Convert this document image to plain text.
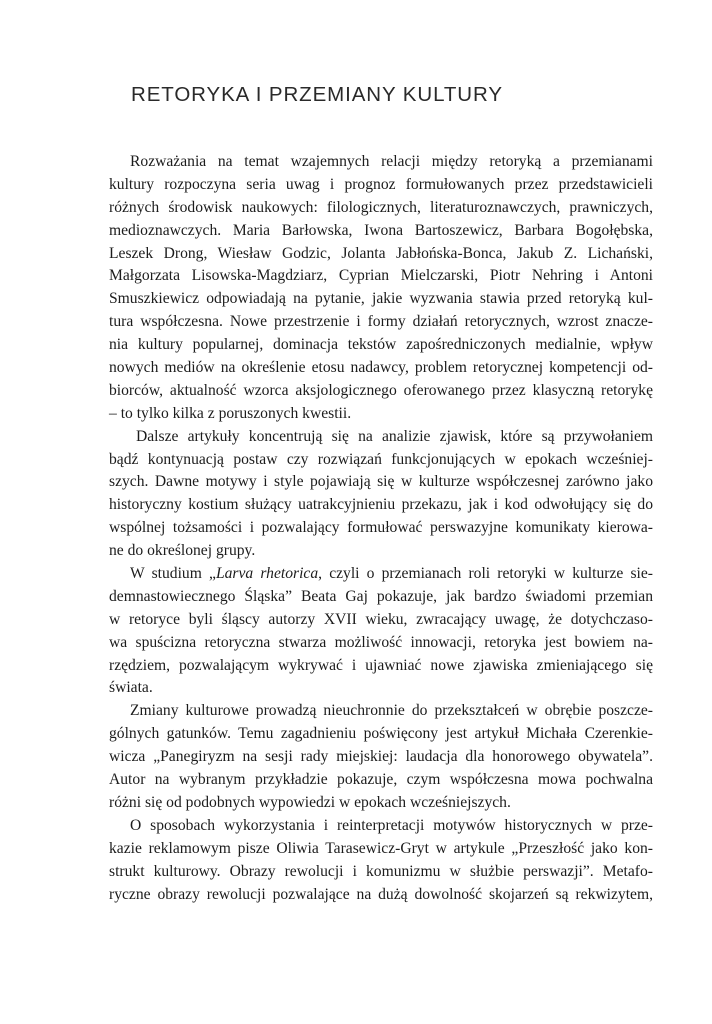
RETORYKA I PRZEMIANY KULTURY
Rozważania na temat wzajemnych relacji między retoryką a przemianami
kultury rozpoczyna seria uwag i prognoz formułowanych przez przedstawicieli
różnych środowisk naukowych: filologicznych, literaturoznawczych, prawniczych,
medioznawczych. Maria Barłowska, Iwona Bartoszewicz, Barbara Bogołębska,
Leszek Drong, Wiesław Godzic, Jolanta Jabłońska-Bonca, Jakub Z. Lichański,
Małgorzata Lisowska-Magdziarz, Cyprian Mielczarski, Piotr Nehring i Antoni
Smuszkiewicz odpowiadają na pytanie, jakie wyzwania stawia przed retoryką kul-
tura współczesna. Nowe przestrzenie i formy działań retorycznych, wzrost znacze-
nia kultury popularnej, dominacja tekstów zapośredniczonych medialnie, wpływ
nowych mediów na określenie etosu nadawcy, problem retorycznej kompetencji od-
biorców, aktualność wzorca aksjologicznego oferowanego przez klasyczną retorykę
– to tylko kilka z poruszonych kwestii.
Dalsze artykuły koncentrują się na analizie zjawisk, które są przywołaniem
bądź kontynuacją postaw czy rozwiązań funkcjonujących w epokach wcześniej-
szych. Dawne motywy i style pojawiają się w kulturze współczesnej zarówno jako
historyczny kostium służący uatrakcyjnieniu przekazu, jak i kod odwołujący się do
wspólnej tożsamości i pozwalający formułować perswazyjne komunikaty kierowa-
ne do określonej grupy.
W studium „Larva rhetorica, czyli o przemianach roli retoryki w kulturze sie-
demnastowiecznego Śląska” Beata Gaj pokazuje, jak bardzo świadomi przemian
w retoryce byli śląscy autorzy XVII wieku, zwracający uwagę, że dotychczaso-
wa spuścizna retoryczna stwarza możliwość innowacji, retoryka jest bowiem na-
rzędziem, pozwalającym wykrywać i ujawniać nowe zjawiska zmieniającego się
świata.
Zmiany kulturowe prowadzą nieuchronnie do przekształceń w obrębie poszcze-
gólnych gatunków. Temu zagadnieniu poświęcony jest artykuł Michała Czerenkie-
wicza „Panegiryzm na sesji rady miejskiej: laudacja dla honorowego obywatela”.
Autor na wybranym przykładzie pokazuje, czym współczesna mowa pochwalna
różni się od podobnych wypowiedzi w epokach wcześniejszych.
O sposobach wykorzystania i reinterpretacji motywów historycznych w prze-
kazie reklamowym pisze Oliwia Tarasewicz-Gryt w artykule „Przeszłość jako kon-
strukt kulturowy. Obrazy rewolucji i komunizmu w służbie perswazji”. Metafo-
ryczne obrazy rewolucji pozwalające na dużą dowolność skojarzeń są rekwizytem,
